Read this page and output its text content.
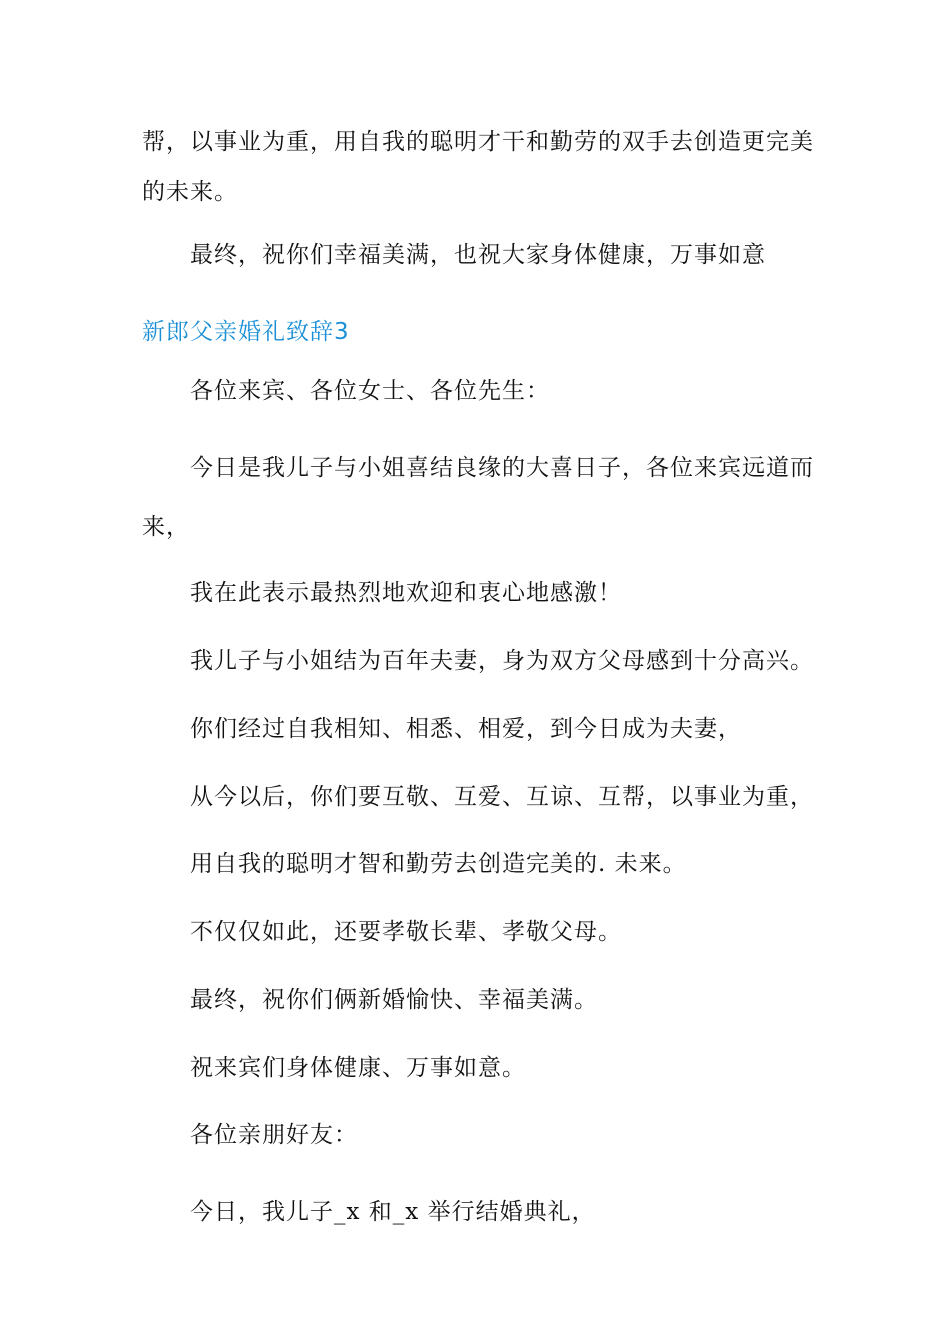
帮，以事业为重，用自我的聪明才干和勤劳的双手去创造更完美
的未来。
最终，祝你们幸福美满，也祝大家身体健康，万事如意
新郎父亲婚礼致辞3
各位来宾、各位女士、各位先生：
今日是我儿子与小姐喜结良缘的大喜日子，各位来宾远道而
来，
我在此表示最热烈地欢迎和衷心地感激！
我儿子与小姐结为百年夫妻，身为双方父母感到十分高兴。
你们经过自我相知、相悉、相爱，到今日成为夫妻，
从今以后，你们要互敬、互爱、互谅、互帮，以事业为重，
用自我的聪明才智和勤劳去创造完美的. 未来。
不仅仅如此，还要孝敬长辈、孝敬父母。
最终，祝你们俩新婚愉快、幸福美满。
祝来宾们身体健康、万事如意。
各位亲朋好友：
今日，我儿子_x 和_x 举行结婚典礼，
